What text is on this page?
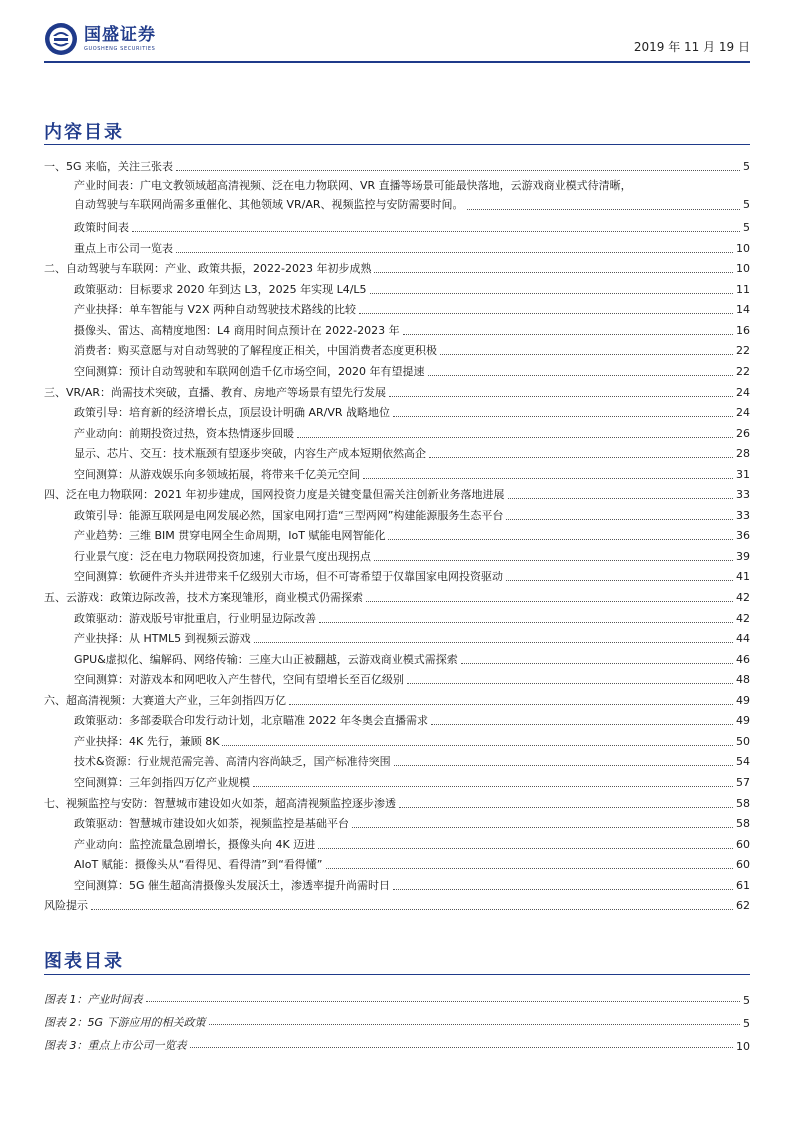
国盛证券
GUOSHENG SECURITIES	2019 年 11 月 19 日
内容目录
一、5G 来临，关注三张表	5
产业时间表：广电文教领域超高清视频、泛在电力物联网、VR 直播等场景可能最快落地，云游戏商业模式待清晰，
自动驾驶与车联网尚需多重催化、其他领域 VR/AR、视频监控与安防需要时间。	5
政策时间表	5
重点上市公司一览表	10
二、自动驾驶与车联网：产业、政策共振，2022-2023 年初步成熟	10
政策驱动：目标要求 2020 年到达 L3，2025 年实现 L4/L5	11
产业抉择：单车智能与 V2X 两种自动驾驶技术路线的比较	14
摄像头、雷达、高精度地图：L4 商用时间点预计在 2022-2023 年	16
消费者：购买意愿与对自动驾驶的了解程度正相关，中国消费者态度更积极	22
空间测算：预计自动驾驶和车联网创造千亿市场空间，2020 年有望提速	22
三、VR/AR：尚需技术突破，直播、教育、房地产等场景有望先行发展	24
政策引导：培育新的经济增长点，顶层设计明确 AR/VR 战略地位	24
产业动向：前期投资过热，资本热情逐步回暖	26
显示、芯片、交互：技术瓶颈有望逐步突破，内容生产成本短期依然高企	28
空间测算：从游戏娱乐向多领域拓展，将带来千亿美元空间	31
四、泛在电力物联网：2021 年初步建成，国网投资力度是关键变量但需关注创新业务落地进展	33
政策引导：能源互联网是电网发展必然，国家电网打造“三型两网”构建能源服务生态平台	33
产业趋势：三维 BIM 贯穿电网全生命周期，IoT 赋能电网智能化	36
行业景气度：泛在电力物联网投资加速，行业景气度出现拐点	39
空间测算：软硬件齐头并进带来千亿级别大市场，但不可寄希望于仅靠国家电网投资驱动	41
五、云游戏：政策边际改善，技术方案现雏形，商业模式仍需探索	42
政策驱动：游戏版号审批重启，行业明显边际改善	42
产业抉择：从 HTML5 到视频云游戏	44
GPU&虚拟化、编解码、网络传输：三座大山正被翻越，云游戏商业模式需探索	46
空间测算：对游戏本和网吧收入产生替代，空间有望增长至百亿级别	48
六、超高清视频：大赛道大产业，三年剑指四万亿	49
政策驱动：多部委联合印发行动计划，北京瞄准 2022 年冬奥会直播需求	49
产业抉择：4K 先行，兼顾 8K	50
技术&资源：行业规范需完善、高清内容尚缺乏，国产标准待突围	54
空间测算：三年剑指四万亿产业规模	57
七、视频监控与安防：智慧城市建设如火如荼，超高清视频监控逐步渗透	58
政策驱动：智慧城市建设如火如荼，视频监控是基础平台	58
产业动向：监控流量急剧增长，摄像头向 4K 迈进	60
AIoT 赋能：摄像头从“看得见、看得清”到“看得懂”	60
空间测算：5G 催生超高清摄像头发展沃土，渗透率提升尚需时日	61
风险提示	62
图表目录
图表 1：产业时间表	5
图表 2：5G 下游应用的相关政策	5
图表 3：重点上市公司一览表	10
